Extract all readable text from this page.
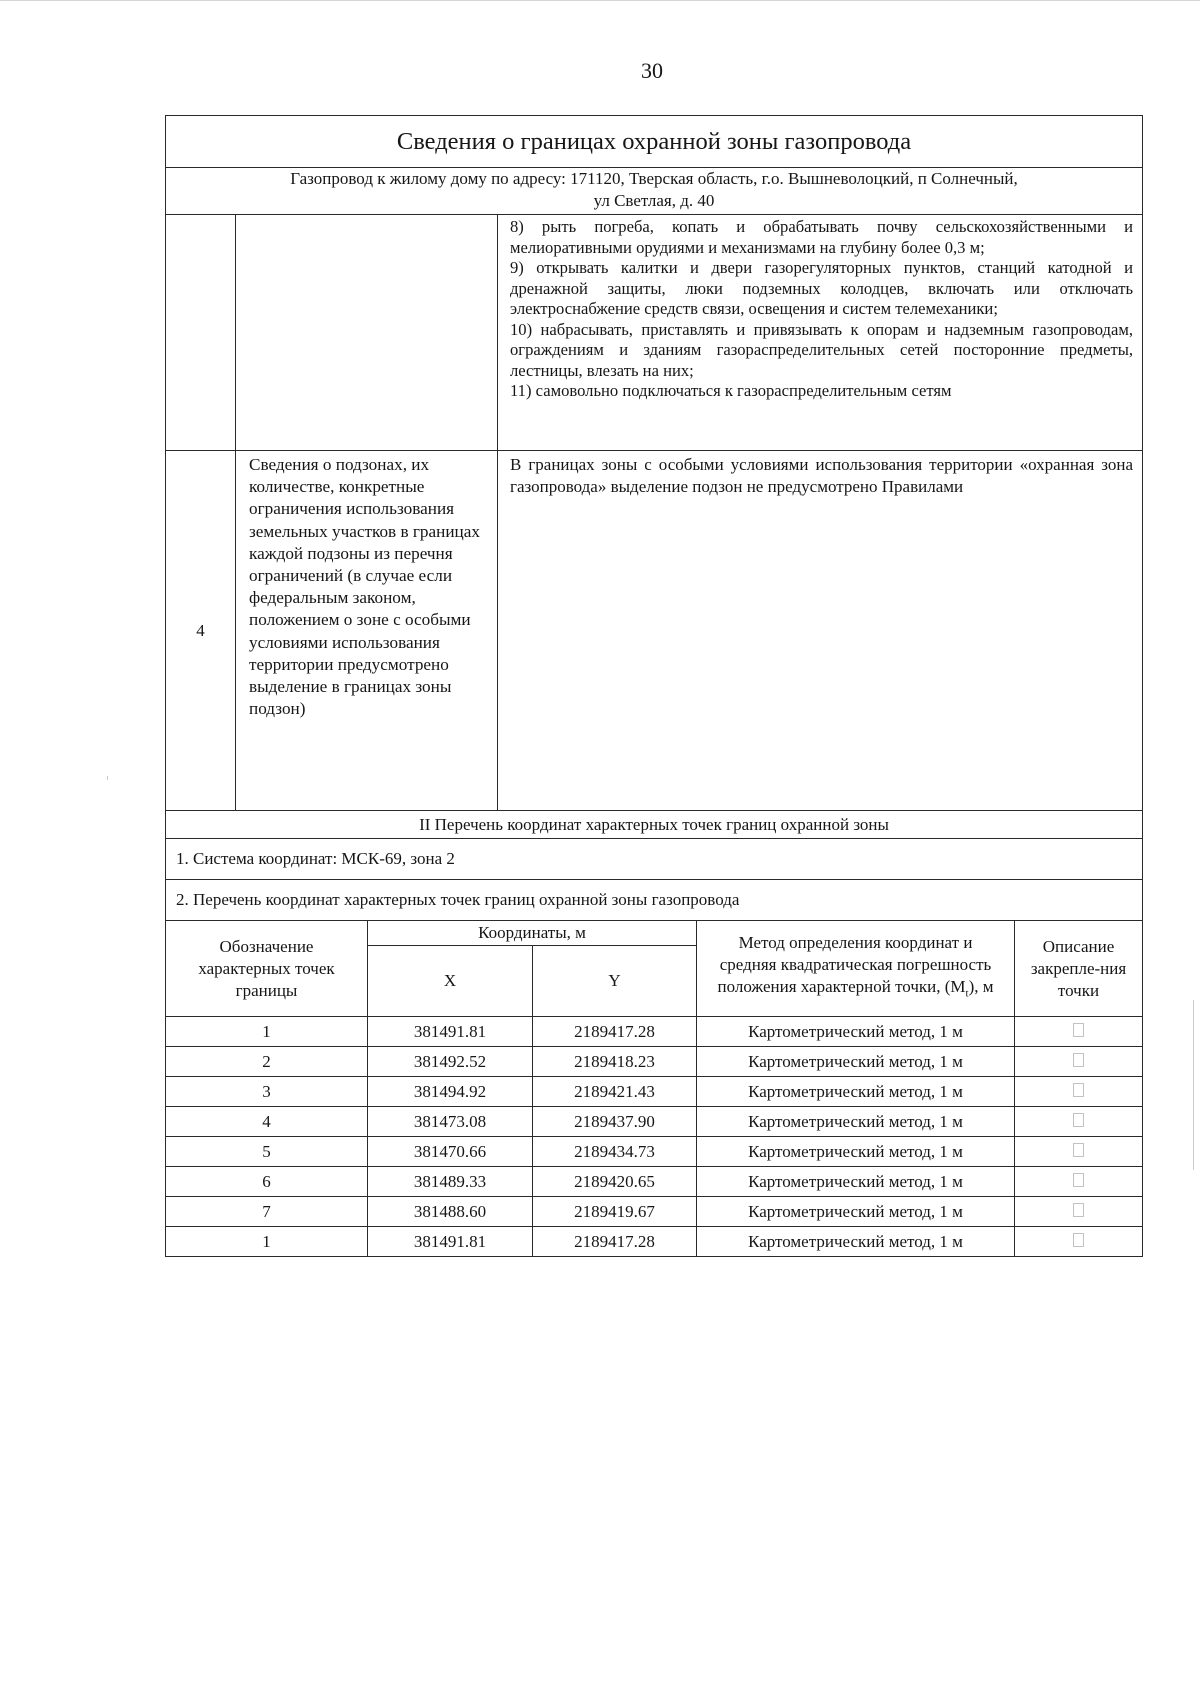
30
Сведения о границах охранной зоны газопровода		

Газопровод к жилому дому по адресу: 171120, Тверская область, г.о. Вышневолоцкий, п Солнечный,
ул Светлая, д. 40		

		8) рыть погреба, копать и обрабатывать почву сельскохозяйственными и мелиоративными орудиями и механизмами на глубину более 0,3 м;

9) открывать калитки и двери газорегуляторных пунктов, станций катодной и дренажной защиты, люки подземных колодцев, включать или отключать электроснабжение средств связи, освещения и систем телемеханики;

10) набрасывать, приставлять и привязывать к опорам и надземным газопроводам, ограждениям и зданиям газораспределительных сетей посторонние предметы, лестницы, влезать на них;

11) самовольно подключаться к газораспределительным сетям

4	Сведения о подзонах, их количестве, конкретные ограничения использования земельных участков в границах каждой подзоны из перечня ограничений (в случае если федеральным законом, положением о зоне с особыми условиями использования территории предусмотрено выделение в границах зоны подзон)	В границах зоны с особыми условиями использования территории «охранная зона газопровода» выделение подзон не предусмотрено Правилами
II Перечень координат характерных точек границ охранной зоны		
1. Система координат: МСК-69, зона 2		
2. Перечень координат характерных точек границ охранной зоны газопровода		
Обозначение характерных точек границы	Координаты, м		Метод определения координат и средняя квадратическая погрешность положения характерной точки, $(M_t)$, м	Описание закрепле-ния точки
	X	Y		
1	381491.81	2189417.28	Картометрический метод, 1 м	
2	381492.52	2189418.23	Картометрический метод, 1 м	
3	381494.92	2189421.43	Картометрический метод, 1 м	
4	381473.08	2189437.90	Картометрический метод, 1 м	
5	381470.66	2189434.73	Картометрический метод, 1 м	
6	381489.33	2189420.65	Картометрический метод, 1 м	
7	381488.60	2189419.67	Картометрический метод, 1 м	
1	381491.81	2189417.28	Картометрический метод, 1 м	
